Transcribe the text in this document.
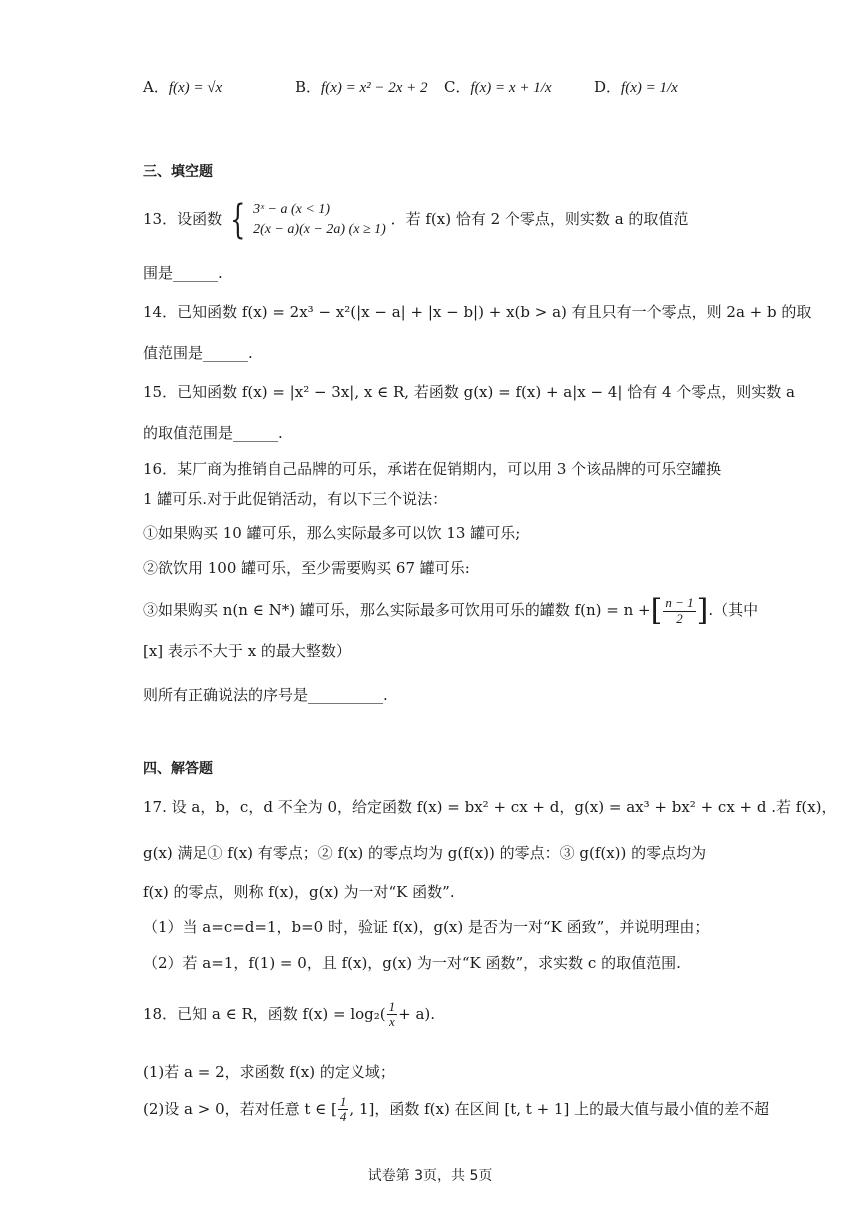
A．f(x) = √x	B．f(x) = x² − 2x + 2 C．f(x) = x + 1/x	D．f(x) = 1/x
三、填空题
13．设函数 { 3ˣ − a (x < 1)
2(x − a)(x − 2a) (x ≥ 1)
．若 f(x) 恰有 2 个零点，则实数 a 的取值范
围是______.
14．已知函数 f(x) = 2x³ − x²(|x − a| + |x − b|) + x(b > a) 有且只有一个零点，则 2a + b 的取
值范围是______.
15．已知函数 f(x) = |x² − 3x|, x ∈ R, 若函数 g(x) = f(x) + a|x − 4| 恰有 4 个零点，则实数 a
的取值范围是______.
16．某厂商为推销自己品牌的可乐，承诺在促销期内，可以用 3 个该品牌的可乐空罐换
1 罐可乐.对于此促销活动，有以下三个说法：
①如果购买 10 罐可乐，那么实际最多可以饮 13 罐可乐;
②欲饮用 100 罐可乐，至少需要购买 67 罐可乐:
③如果购买 n(n ∈ N*) 罐可乐，那么实际最多可饮用可乐的罐数 f(n) = n +[ $\frac{n - 1}{2}$ ].（其中
[x] 表示不大于 x 的最大整数）
则所有正确说法的序号是__________.
四、解答题
17. 设 a，b，c，d 不全为 0，给定函数 f(x) = bx² + cx + d，g(x) = ax³ + bx² + cx + d .若 f(x)，
g(x) 满足① f(x) 有零点；② f(x) 的零点均为 g(f(x)) 的零点：③ g(f(x)) 的零点均为
f(x) 的零点，则称 f(x)，g(x) 为一对“K 函数”.
（1）当 a=c=d=1，b=0 时，验证 f(x)，g(x) 是否为一对“K 函致”，并说明理由；
（2）若 a=1，f(1) = 0，且 f(x)，g(x) 为一对“K 函数”，求实数 c 的取值范围.
18．已知 a ∈ R，函数 $f(x) = \log_2( \frac{1}{x} + a)$.
(1)若 a = 2，求函数 f(x) 的定义域；
(2)设 a > 0，若对任意 t ∈ [ $\frac{1}{4}$ , 1]，函数 f(x) 在区间 [t, t + 1] 上的最大值与最小值的差不超
试卷第 3页，共 5页
